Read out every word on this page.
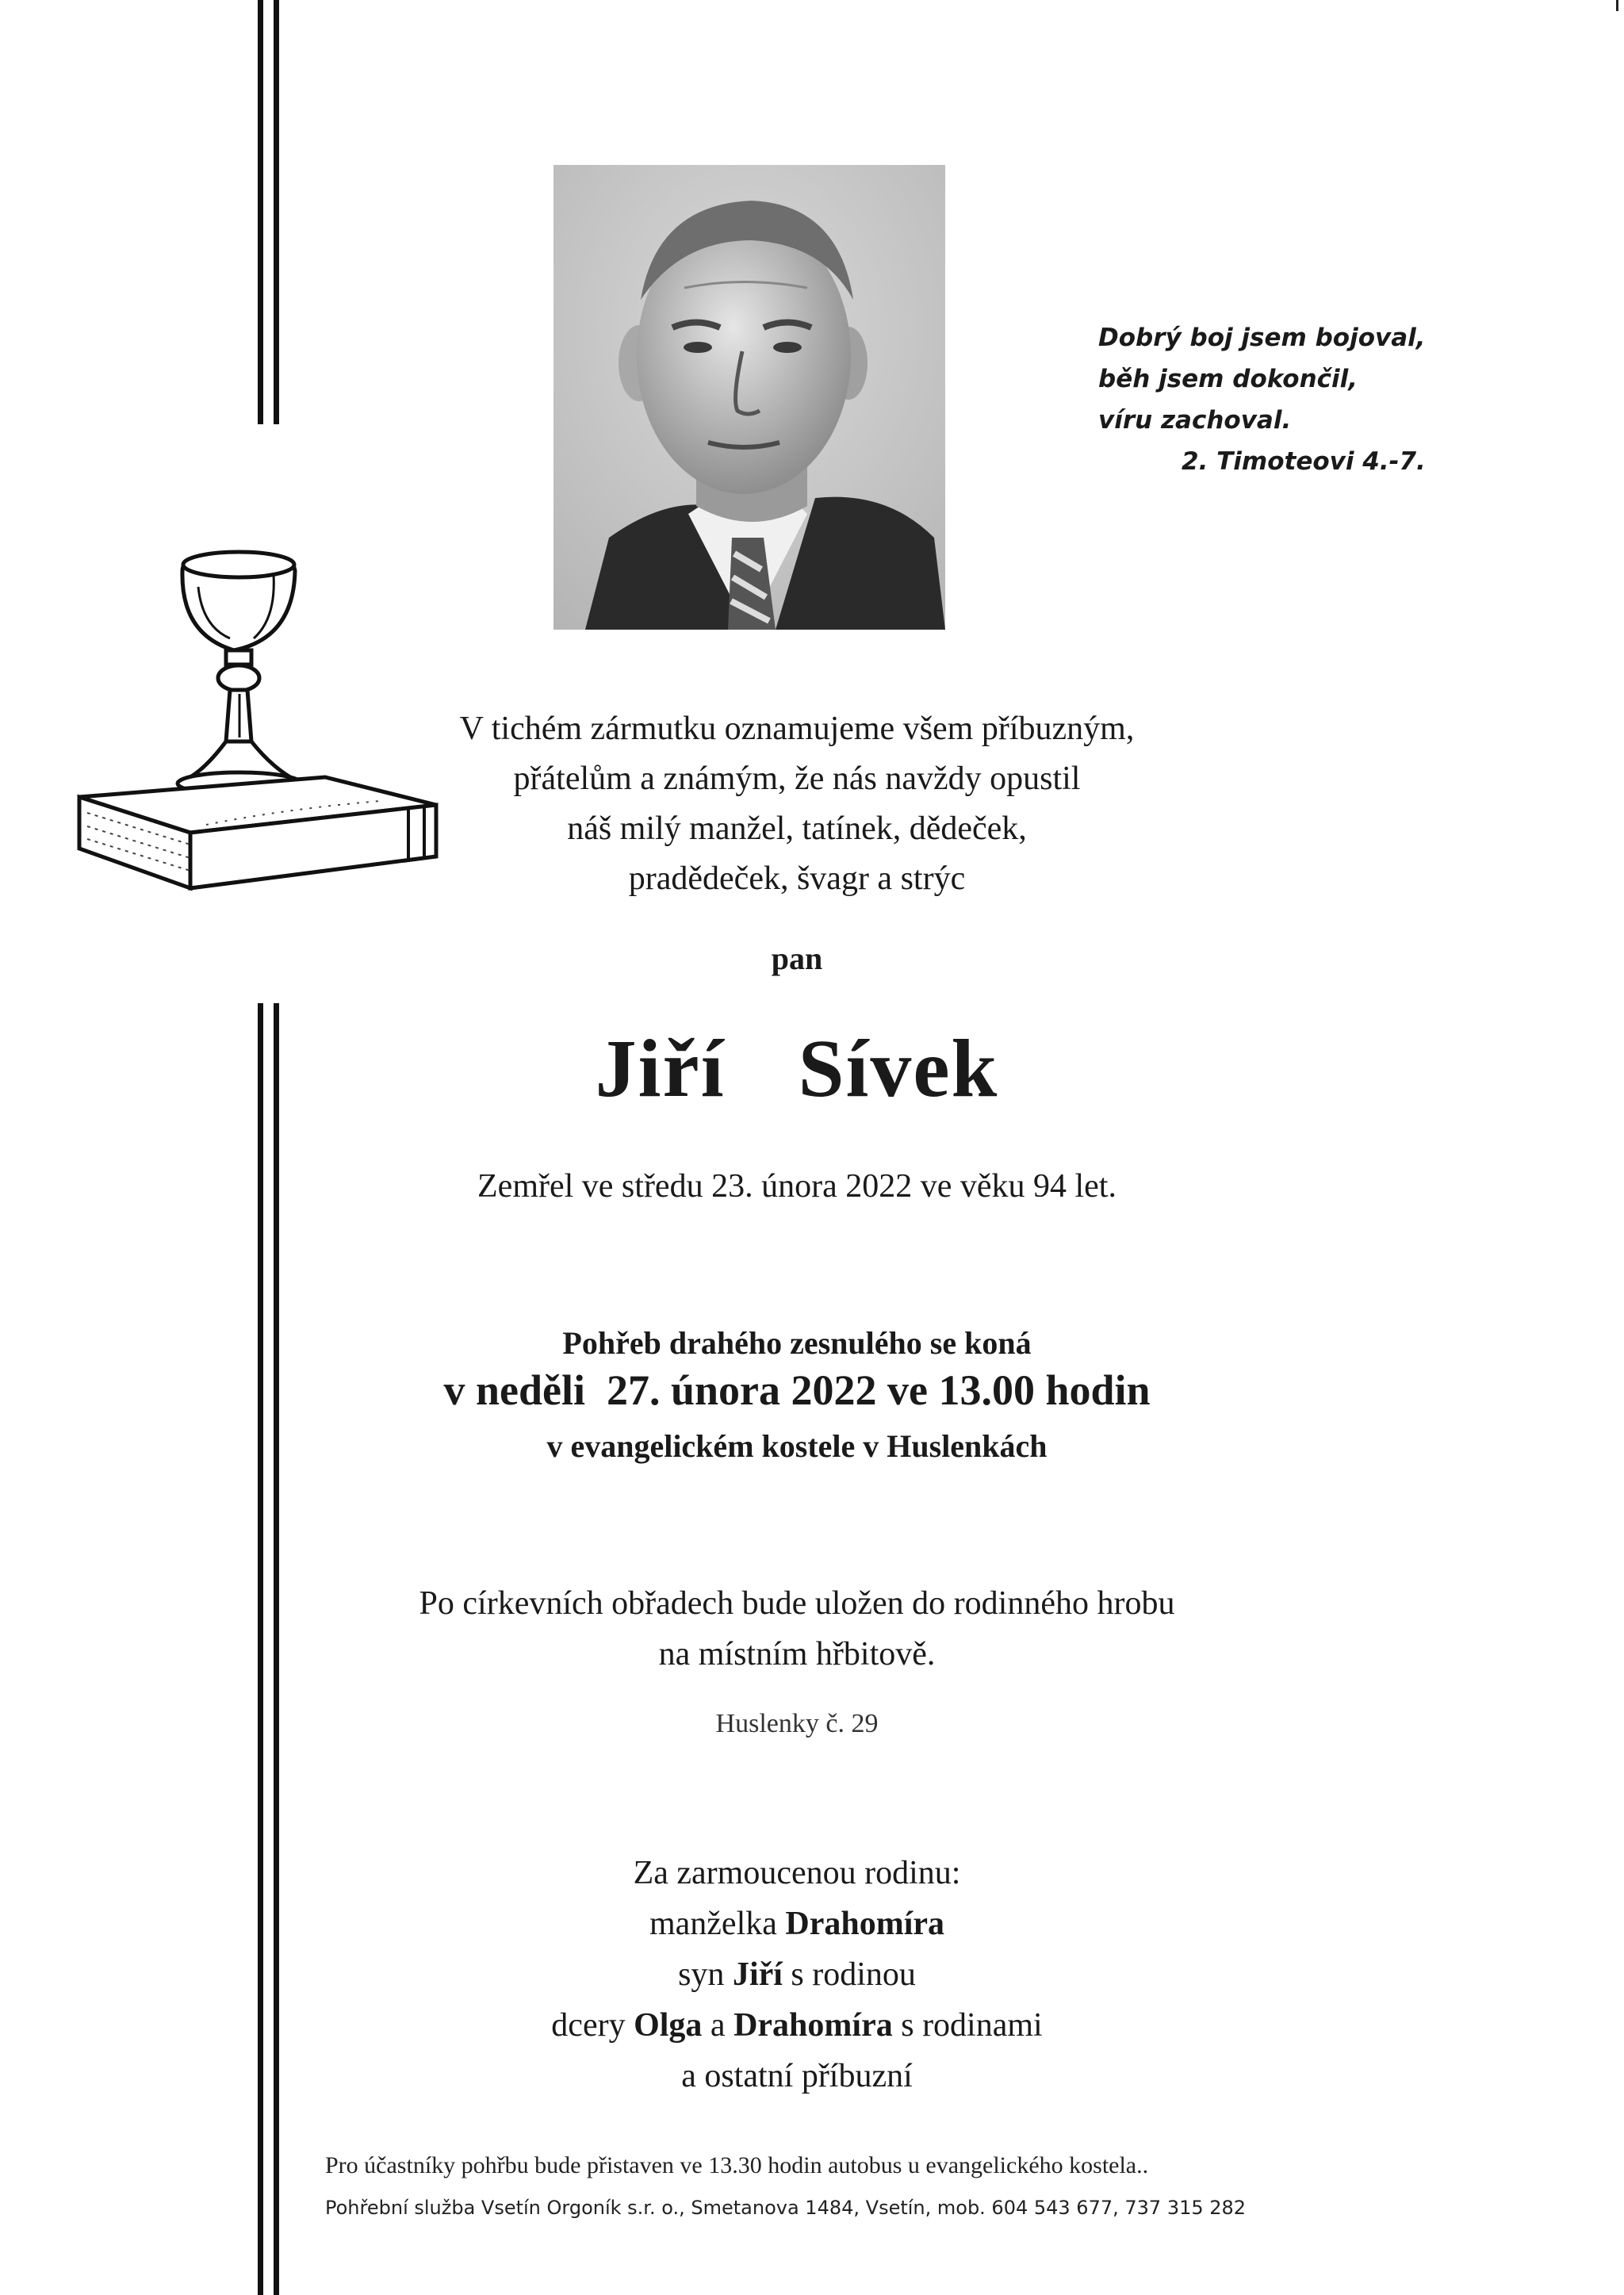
Dobrý boj jsem bojoval,
běh jsem dokončil,
víru zachoval.
2. Timoteovi 4.-7.
V tichém zármutku oznamujeme všem příbuzným,
přátelům a známým, že nás navždy opustil
náš milý manžel, tatínek, dědeček,
pradědeček, švagr a strýc
pan
Jiří  Sívek
Zemřel ve středu 23. února 2022 ve věku 94 let.
Pohřeb drahého zesnulého se koná
v neděli  27. února 2022 ve 13.00 hodin
v evangelickém kostele v Huslenkách
Po církevních obřadech bude uložen do rodinného hrobu
na místním hřbitově.
Huslenky č. 29
Za zarmoucenou rodinu:
manželka Drahomíra
syn Jiří s rodinou
dcery Olga a Drahomíra s rodinami
a ostatní příbuzní
Pro účastníky pohřbu bude přistaven ve 13.30 hodin autobus u evangelického kostela..
Pohřební služba Vsetín Orgoník s.r. o., Smetanova 1484, Vsetín, mob. 604 543 677, 737 315 282
